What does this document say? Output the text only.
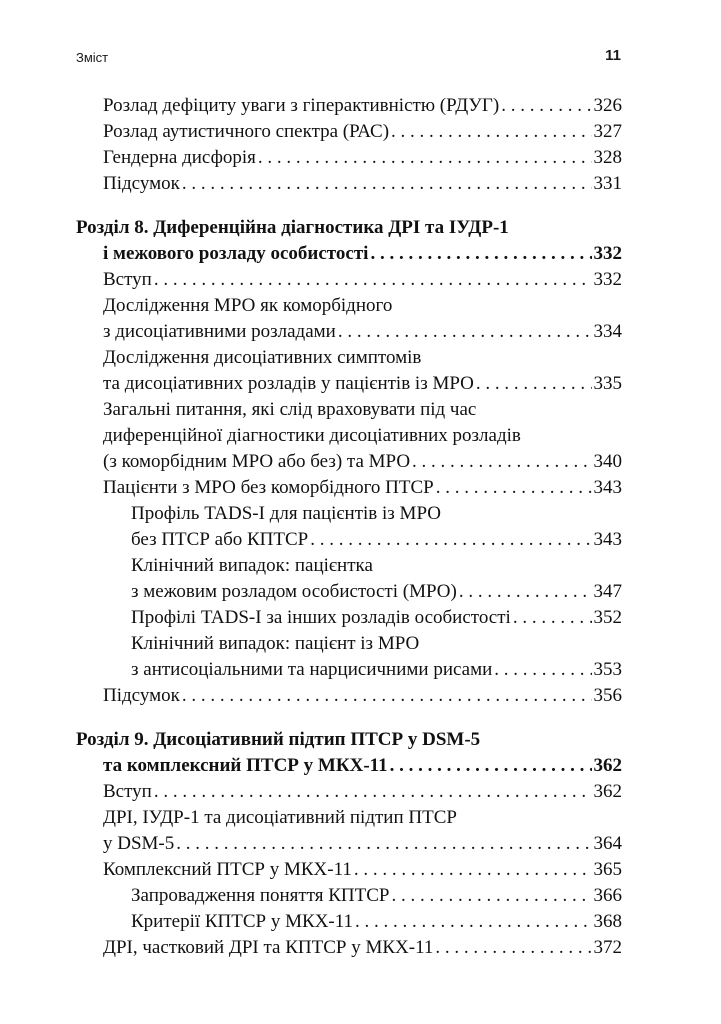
Зміст	11
Розлад дефіциту уваги з гіперактивністю (РДУГ) . . .	326
Розлад аутистичного спектра (РАС) . . .	327
Гендерна дисфорія . . .	328
Підсумок . . .	331
Розділ 8. Диференційна діагностика ДРІ та ІУДР-1
і межового розладу особистості . . .	332
Вступ . . .	332
Дослідження МРО як коморбідного
з дисоціативними розладами . . .	334
Дослідження дисоціативних симптомів
та дисоціативних розладів у пацієнтів із МРО . . .	335
Загальні питання, які слід враховувати під час
диференційної діагностики дисоціативних розладів
(з коморбідним МРО або без) та МРО . . .	340
Пацієнти з МРО без коморбідного ПТСР . . .	343
Профіль TADS-I для пацієнтів із МРО
без ПТСР або КПТСР . . .	343
Клінічний випадок: пацієнтка
з межовим розладом особистості (МРО) . . .	347
Профілі TADS-I за інших розладів особистості . . .	352
Клінічний випадок: пацієнт із МРО
з антисоціальними та нарцисичними рисами . . .	353
Підсумок . . .	356
Розділ 9. Дисоціативний підтип ПТСР у DSM-5
та комплексний ПТСР у МКХ-11 . . .	362
Вступ . . .	362
ДРІ, ІУДР-1 та дисоціативний підтип ПТСР
у DSM-5 . . .	364
Комплексний ПТСР у МКХ-11 . . .	365
Запровадження поняття КПТСР . . .	366
Критерії КПТСР у МКХ-11 . . .	368
ДРІ, частковий ДРІ та КПТСР у МКХ-11 . . .	372
